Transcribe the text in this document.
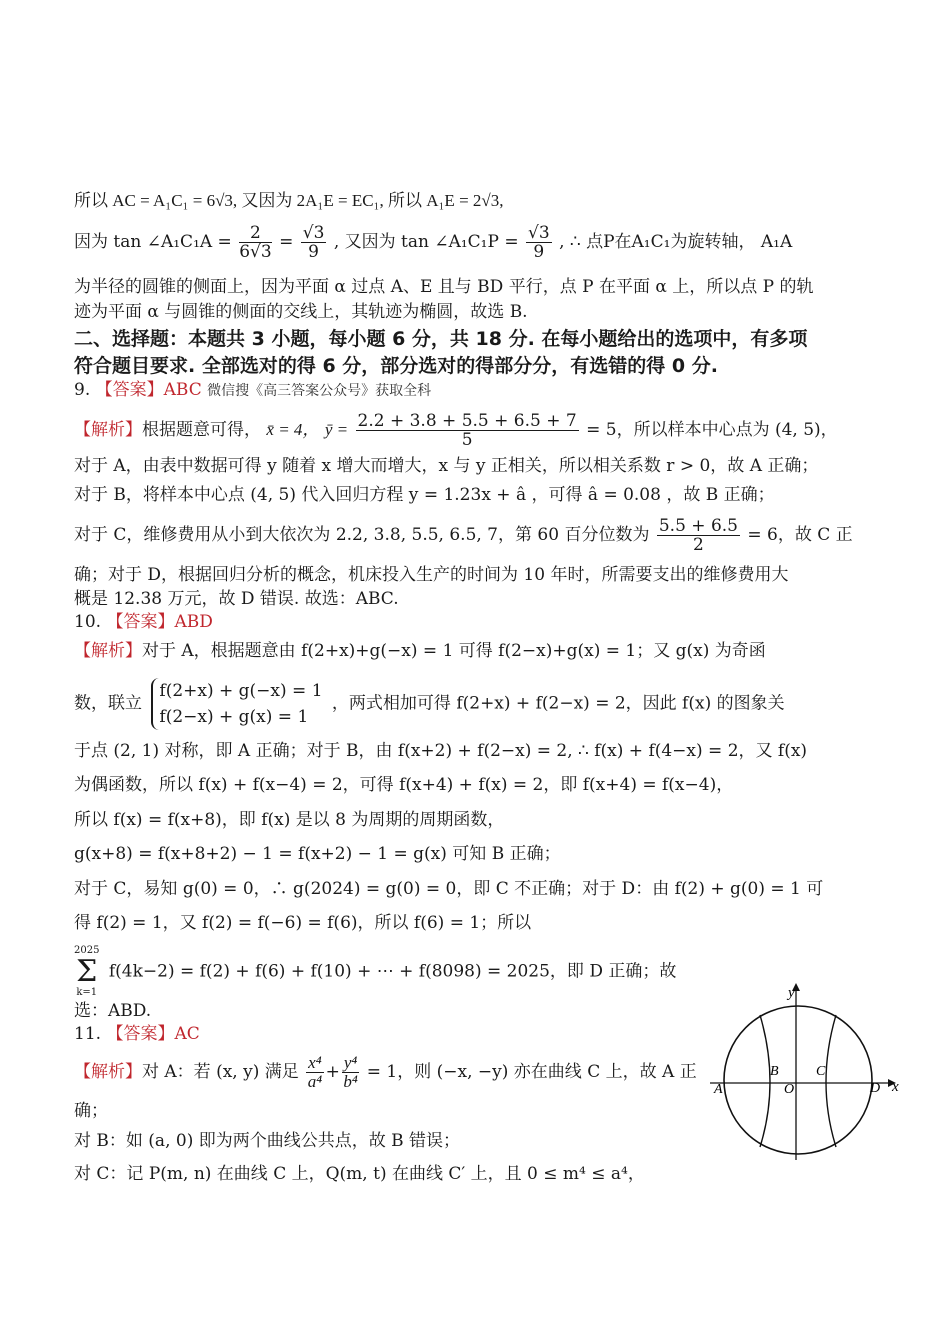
所以 AC = A₁C₁ = 6√3, 又因为 2A₁E = EC₁, 所以 A₁E = 2√3,
因为 tan ∠A₁C₁A = $\frac{2}{6√3} = \frac{√3}{9}$ , 又因为 tan ∠A₁C₁P = $\frac{√3}{9}$ , ∴ 点P在A₁C₁为旋转轴， A₁A
为半径的圆锥的侧面上，因为平面 α 过点 A、E 且与 BD 平行，点 P 在平面 α 上，所以点 P 的轨
迹为平面 α 与圆锥的侧面的交线上，其轨迹为椭圆，故选 B.
二、选择题：本题共 3 小题，每小题 6 分，共 18 分. 在每小题给出的选项中，有多项
符合题目要求. 全部选对的得 6 分，部分选对的得部分分，有选错的得 0 分.
9. 【答案】ABC 微信搜《高三答案公众号》获取全科
【解析】根据题意可得， x̄ = 4， ȳ = $\frac{2.2 + 3.8 + 5.5 + 6.5 + 7}{5} = 5$，所以样本中心点为 (4, 5)，
对于 A，由表中数据可得 y 随着 x 增大而增大，x 与 y 正相关，所以相关系数 r > 0，故 A 正确；
对于 B，将样本中心点 (4, 5) 代入回归方程 y = 1.23x + â ，可得 â = 0.08 ，故 B 正确；
对于 C，维修费用从小到大依次为 2.2, 3.8, 5.5, 6.5, 7，第 60 百分位数为 $\frac{5.5 + 6.5}{2} = 6$，故 C 正
确；对于 D，根据回归分析的概念，机床投入生产的时间为 10 年时，所需要支出的维修费用大
概是 12.38 万元，故 D 错误. 故选：ABC.
10. 【答案】ABD
【解析】对于 A，根据题意由 f(2+x)+g(−x) = 1 可得 f(2−x)+g(x) = 1；又 g(x) 为奇函
数，联立
f(2+x) + g(−x) = 1
f(2−x) + g(x) = 1
，两式相加可得 f(2+x) + f(2−x) = 2，因此 f(x) 的图象关
于点 (2, 1) 对称，即 A 正确；对于 B，由 f(x+2) + f(2−x) = 2, ∴ f(x) + f(4−x) = 2，又 f(x)
为偶函数，所以 f(x) + f(x−4) = 2，可得 f(x+4) + f(x) = 2，即 f(x+4) = f(x−4)，
所以 f(x) = f(x+8)，即 f(x) 是以 8 为周期的周期函数，
g(x+8) = f(x+8+2) − 1 = f(x+2) − 1 = g(x) 可知 B 正确；
对于 C，易知 g(0) = 0，∴ g(2024) = g(0) = 0，即 C 不正确；对于 D：由 f(2) + g(0) = 1 可
得 f(2) = 1，又 f(2) = f(−6) = f(6)，所以 f(6) = 1；所以
2025
Σ
k=1
f(4k−2) = f(2) + f(6) + f(10) + ⋯ + f(8098) = 2025，即 D 正确；故
选：ABD.
11. 【答案】AC
【解析】对 A：若 (x, y) 满足 $\frac{\text{x⁴}}{\text{a⁴}} + \frac{\text{y⁴}}{\text{b⁴}} = 1$，则 (−x, −y) 亦在曲线 C 上，故 A 正
确；
对 B：如 (a, 0) 即为两个曲线公共点，故 B 错误；
对 C：记 P(m, n) 在曲线 C 上，Q(m, t) 在曲线 C′ 上，且 0 ≤ m⁴ ≤ a⁴，
y
x
A
B
O
C
D
